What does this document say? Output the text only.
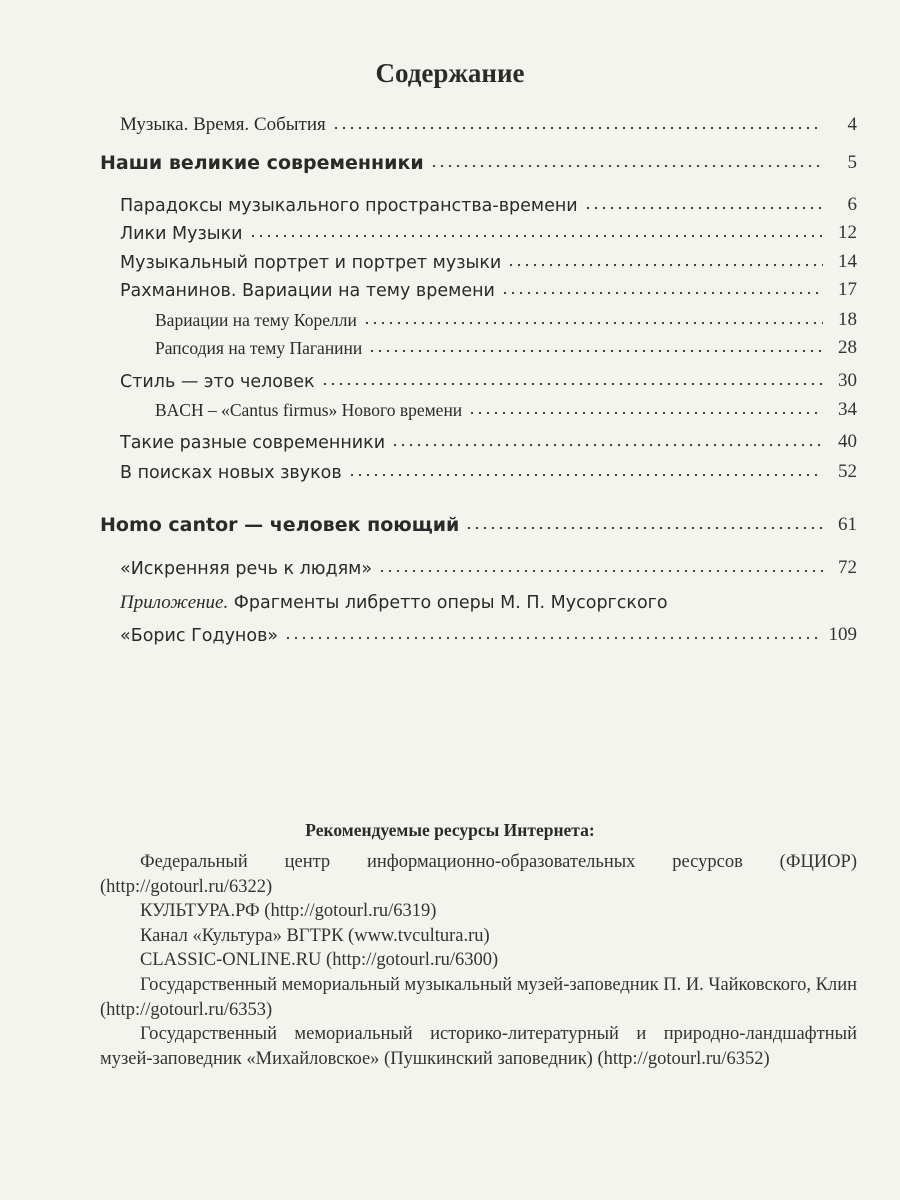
Содержание
Музыка. Время. События	4
Наши великие современники	5
Парадоксы музыкального пространства-времени	6
Лики Музыки	12
Музыкальный портрет и портрет музыки	14
Рахманинов. Вариации на тему времени	17
Вариации на тему Корелли	18
Рапсодия на тему Паганини	28
Стиль — это человек	30
BACH – «Cantus firmus» Нового времени	34
Такие разные современники	40
В поисках новых звуков	52
Homo cantor — человек поющий	61
«Искренняя речь к людям»	72
Приложение. Фрагменты либретто оперы М. П. Мусоргского
«Борис Годунов»	109
Рекомендуемые ресурсы Интернета:

Федеральный центр информационно-образовательных ресурсов (ФЦИОР) (http://gotourl.ru/6322)

КУЛЬТУРА.РФ (http://gotourl.ru/6319)

Канал «Культура» ВГТРК (www.tvcultura.ru)

CLASSIC-ONLINE.RU (http://gotourl.ru/6300)

Государственный мемориальный музыкальный музей-заповедник П. И. Чайковского, Клин (http://gotourl.ru/6353)

Государственный мемориальный историко-литературный и природно-ландшафтный музей-заповедник «Михайловское» (Пушкинский заповедник) (http://gotourl.ru/6352)
